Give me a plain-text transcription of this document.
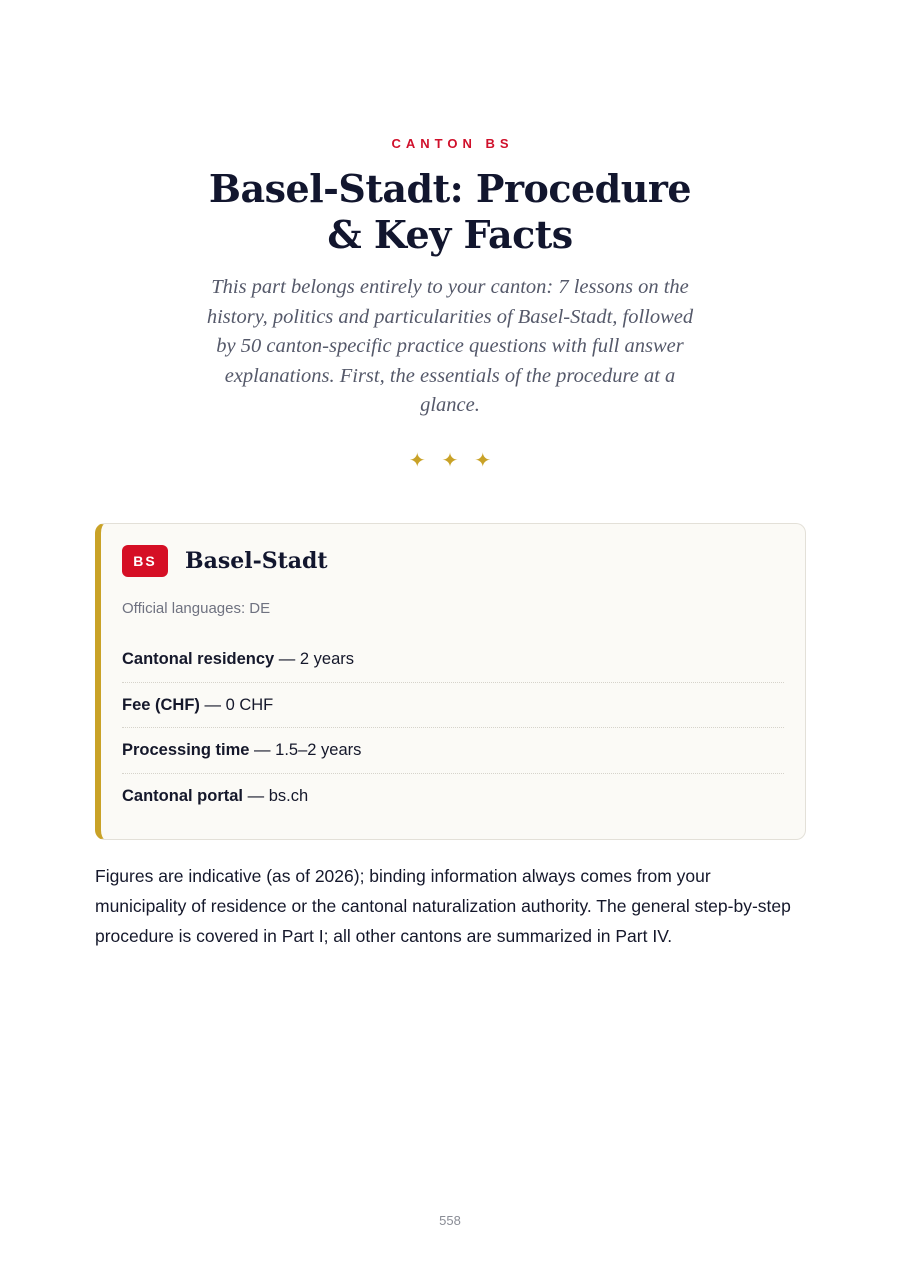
CANTON BS
Basel-Stadt: Procedure
& Key Facts

This part belongs entirely to your canton: 7 lessons on the history, politics and particularities of Basel-Stadt, followed by 50 canton-specific practice questions with full answer explanations. First, the essentials of the procedure at a glance.

✦✦✦
BS	Basel-Stadt
Official languages: DE
Cantonal residency — 2 years
Fee (CHF) — 0 CHF
Processing time — 1.5–2 years
Cantonal portal — bs.ch

Figures are indicative (as of 2026); binding information always comes from your municipality of residence or the cantonal naturalization authority. The general step-by-step procedure is covered in Part I; all other cantons are summarized in Part IV.

558
